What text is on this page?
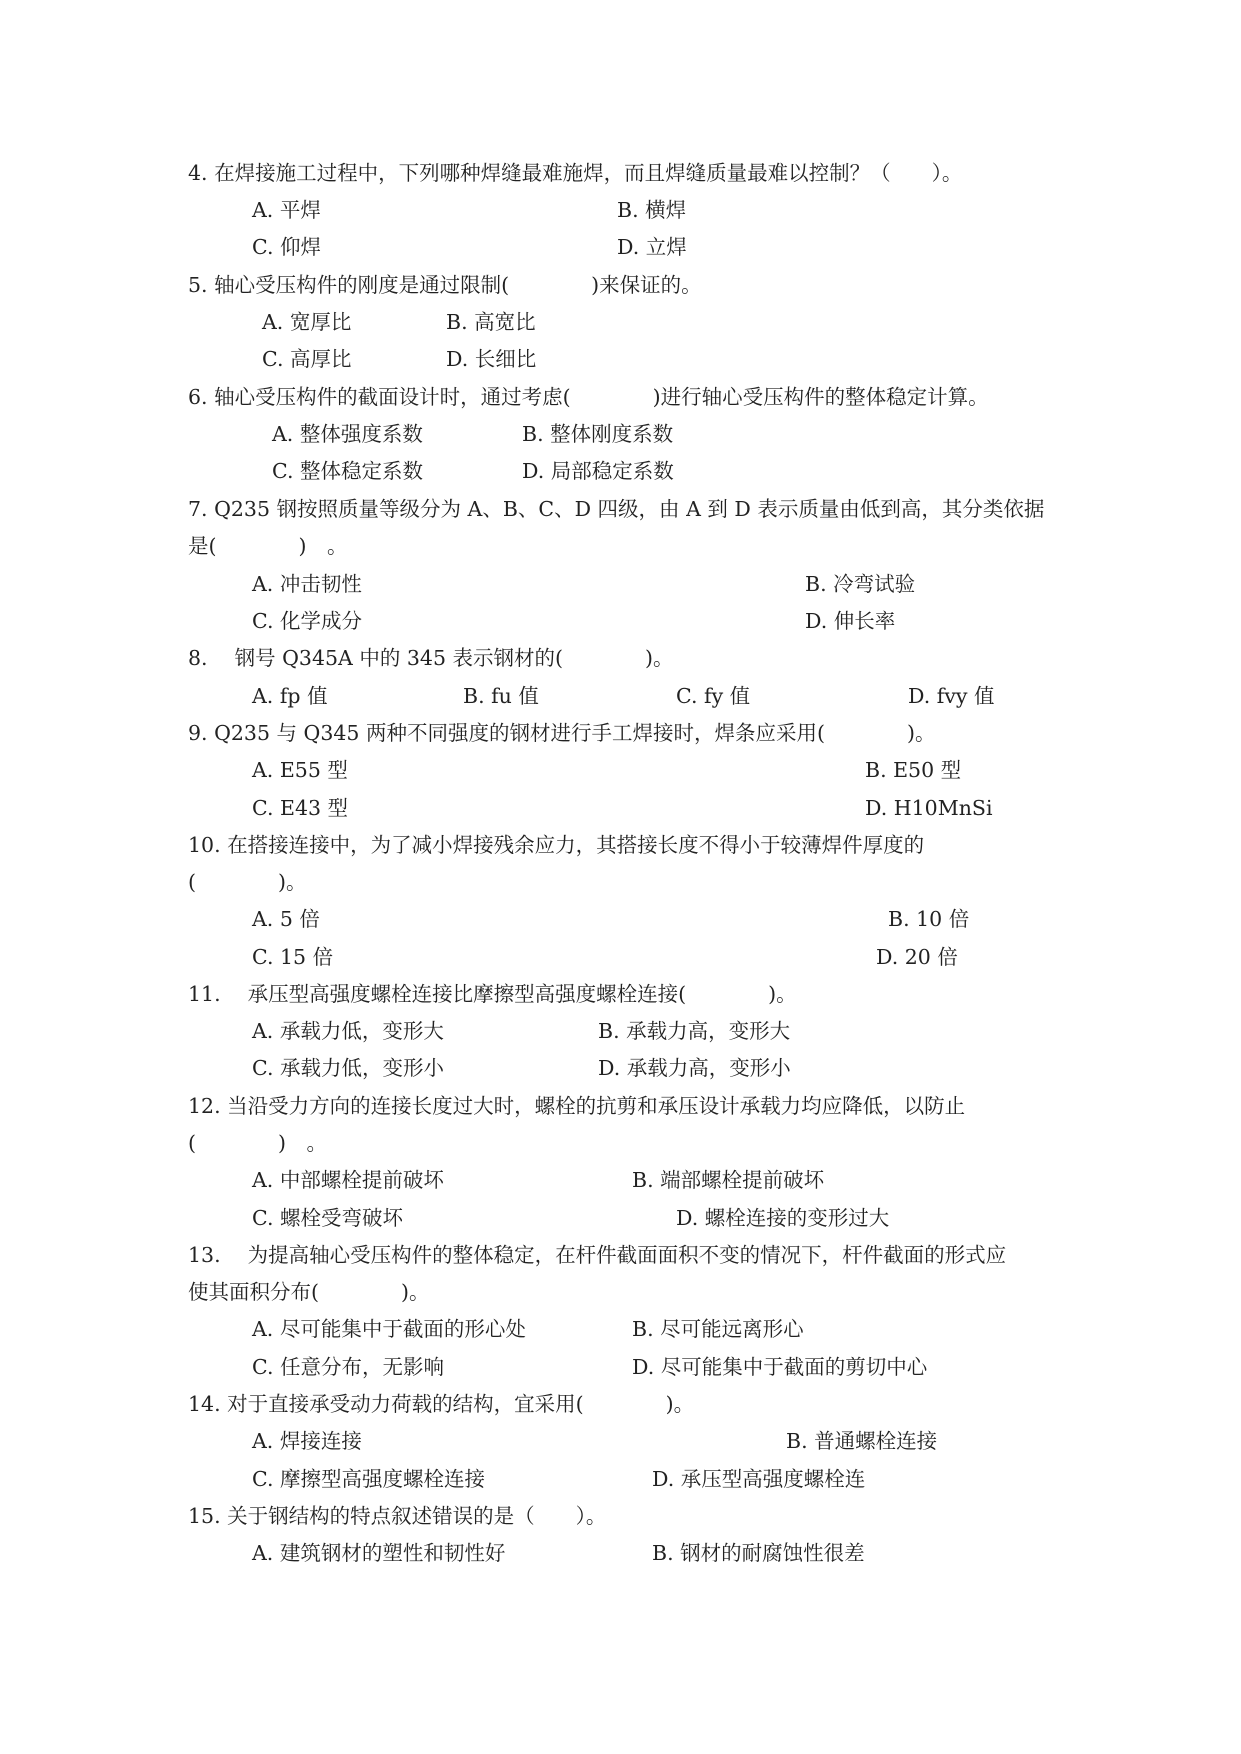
4. 在焊接施工过程中，下列哪种焊缝最难施焊，而且焊缝质量最难以控制？（　　）。
A. 平焊	B. 横焊
C. 仰焊	D. 立焊
5. 轴心受压构件的刚度是通过限制(　　　　)来保证的。
A. 宽厚比	B. 高宽比
C. 高厚比	D. 长细比
6. 轴心受压构件的截面设计时，通过考虑(　　　　)进行轴心受压构件的整体稳定计算。
A. 整体强度系数	B. 整体刚度系数
C. 整体稳定系数	D. 局部稳定系数
7. Q235 钢按照质量等级分为 A、B、C、D 四级，由 A 到 D 表示质量由低到高，其分类依据
是(　　　　)　。
A. 冲击韧性	B. 冷弯试验
C. 化学成分	D. 伸长率
8.　 钢号 Q345A 中的 345 表示钢材的(　　　　)。
A. fp 值	B. fu 值	C. fy 值	D. fvy 值
9. Q235 与 Q345 两种不同强度的钢材进行手工焊接时，焊条应采用(　　　　)。
A. E55 型	B. E50 型
C. E43 型	D. H10MnSi
10. 在搭接连接中，为了减小焊接残余应力，其搭接长度不得小于较薄焊件厚度的
(　　　　)。
A. 5 倍	B. 10 倍
C. 15 倍	D. 20 倍
11.　 承压型高强度螺栓连接比摩擦型高强度螺栓连接(　　　　)。
A. 承载力低，变形大	B. 承载力高，变形大
C. 承载力低，变形小	D. 承载力高，变形小
12. 当沿受力方向的连接长度过大时，螺栓的抗剪和承压设计承载力均应降低，以防止
(　　　　)　。
A. 中部螺栓提前破坏	B. 端部螺栓提前破坏
C. 螺栓受弯破坏	D. 螺栓连接的变形过大
13.　 为提高轴心受压构件的整体稳定，在杆件截面面积不变的情况下，杆件截面的形式应
使其面积分布(　　　　)。
A. 尽可能集中于截面的形心处	B. 尽可能远离形心
C. 任意分布，无影响	D. 尽可能集中于截面的剪切中心
14. 对于直接承受动力荷载的结构，宜采用(　　　　)。
A. 焊接连接	B. 普通螺栓连接
C. 摩擦型高强度螺栓连接	D. 承压型高强度螺栓连
15. 关于钢结构的特点叙述错误的是（　　）。
A. 建筑钢材的塑性和韧性好	B. 钢材的耐腐蚀性很差
